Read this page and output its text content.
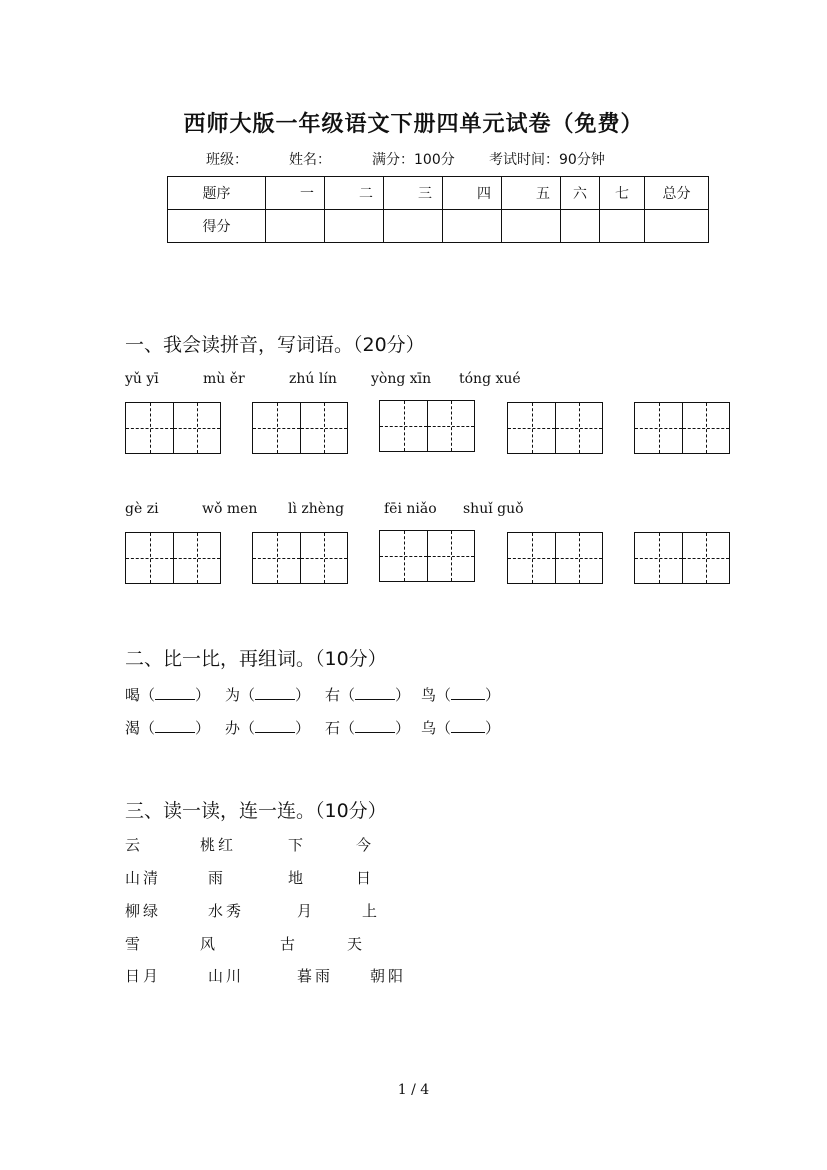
西师大版一年级语文下册四单元试卷（免费）
班级：	姓名：	满分：100分 考试时间：90分钟
题序	一	二	三	四	五	六	七	总分
得分								
一、我会读拼音，写词语。（20分）
yǔ yī	mù ěr	zhú lín yòng xīn tóng xué
gè zi	wǒ men lì zhèng	fēi niǎo shuǐ guǒ
二、比一比，再组词。（10分）
喝（	） 为（	） 右（	） 鸟（ ）
渴（	） 办（	） 石（	） 乌（ ）
三、读一读，连一连。（10分）
云	桃红	下	今
山清	雨	地	日
柳绿	水秀	月	上
雪	风	古	天
日月	山川	暮雨 朝阳
1 / 4
